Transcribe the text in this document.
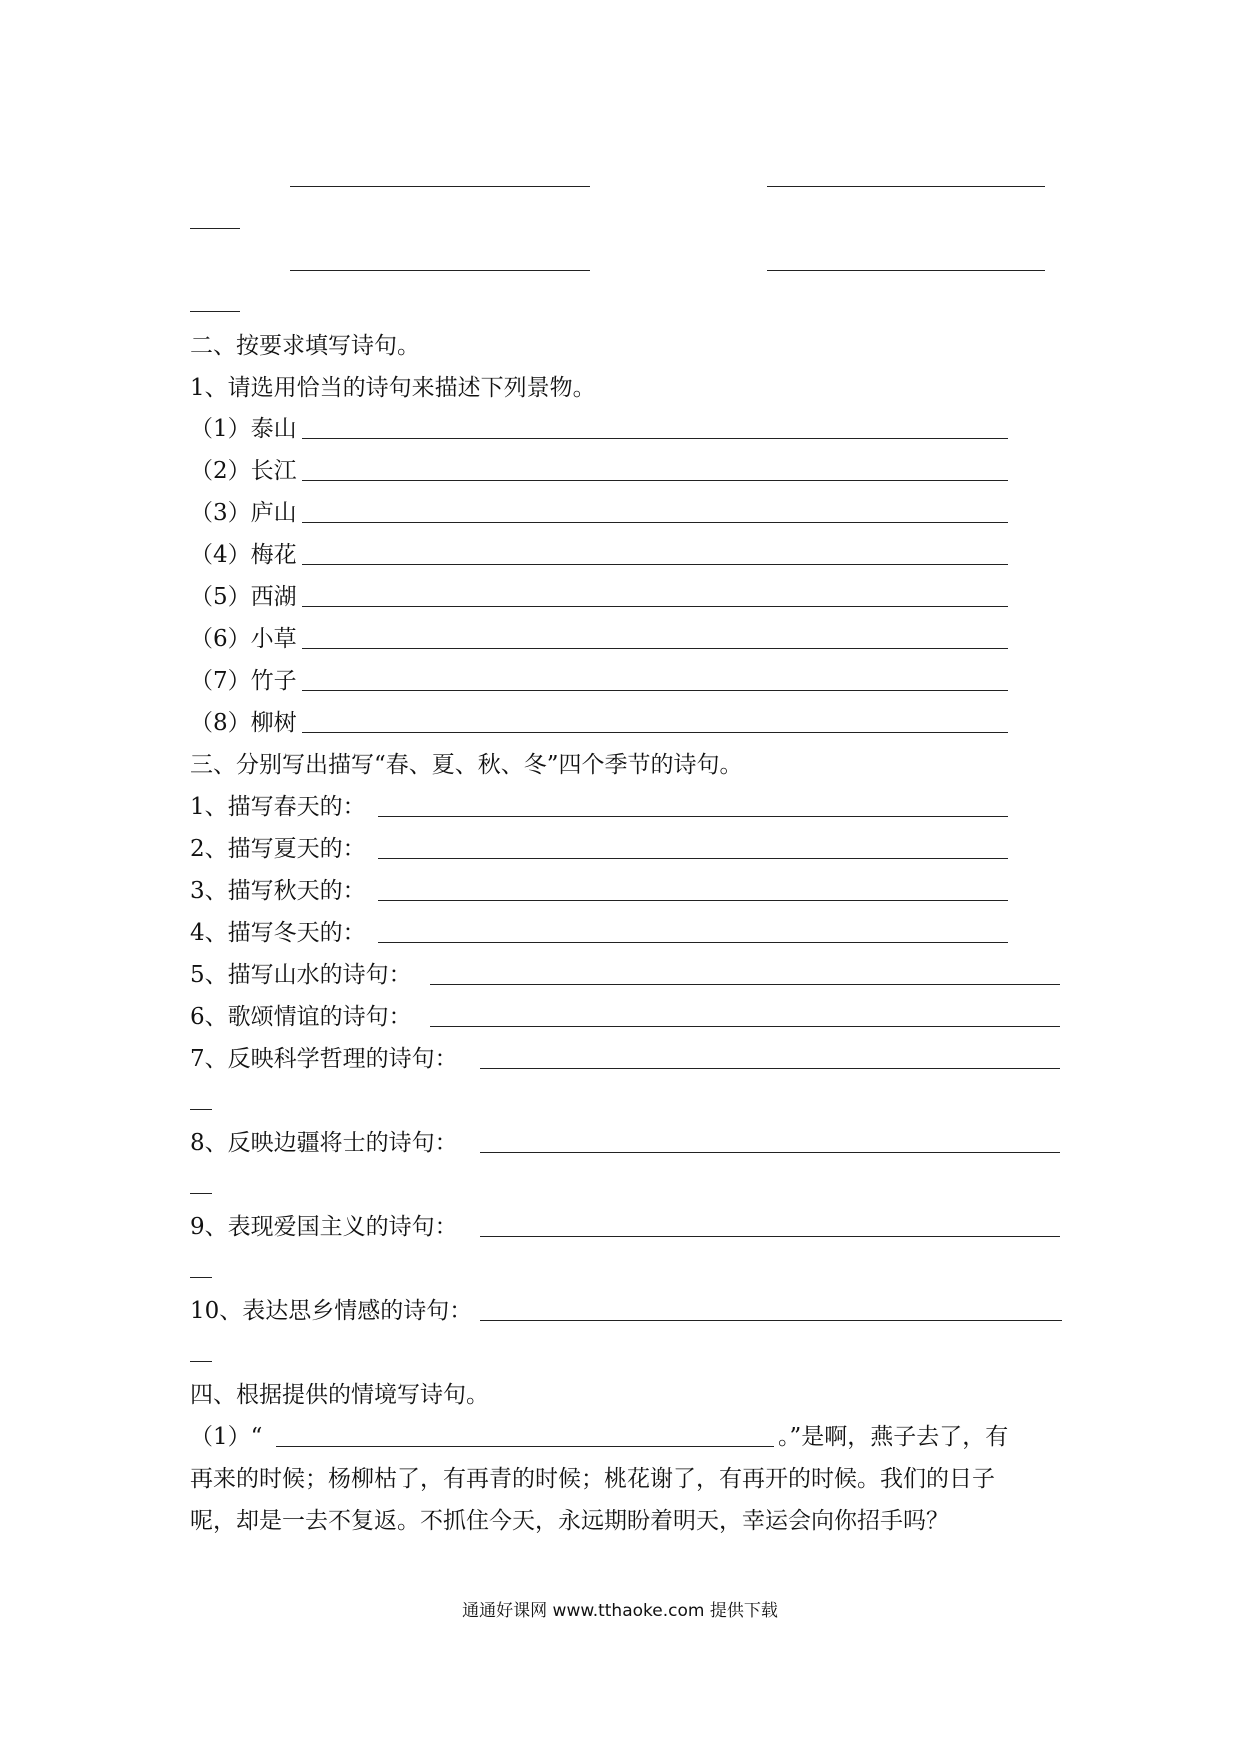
二、按要求填写诗句。
1、请选用恰当的诗句来描述下列景物。
（1）泰山
（2）长江
（3）庐山
（4）梅花
（5）西湖
（6）小草
（7）竹子
（8）柳树
三、分别写出描写“春、夏、秋、冬”四个季节的诗句。
1、描写春天的：
2、描写夏天的：
3、描写秋天的：
4、描写冬天的：
5、描写山水的诗句：
6、歌颂情谊的诗句：
7、反映科学哲理的诗句：
8、反映边疆将士的诗句：
9、表现爱国主义的诗句：
10、表达思乡情感的诗句：
四、根据提供的情境写诗句。
（1）“	。”是啊，燕子去了，有
再来的时候；杨柳枯了，有再青的时候；桃花谢了，有再开的时候。我们的日子
呢，却是一去不复返。不抓住今天，永远期盼着明天，幸运会向你招手吗？
通通好课网 www.tthaoke.com 提供下载
